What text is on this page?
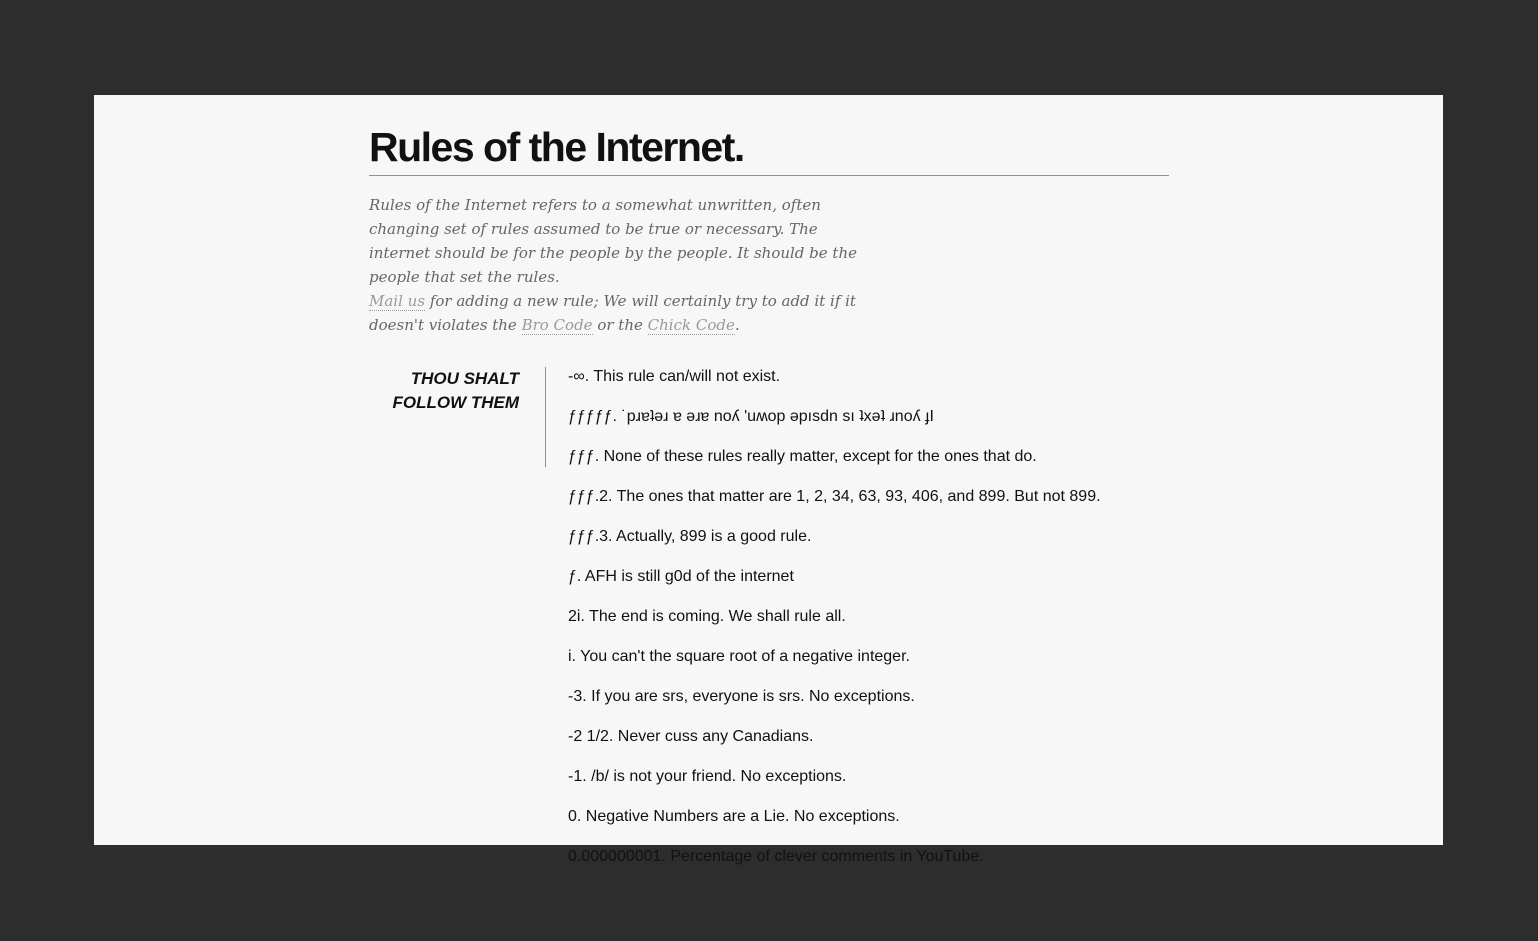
Rules of the Internet.

Rules of the Internet refers to a somewhat unwritten, often changing set of rules assumed to be true or necessary. The internet should be for the people by the people. It should be the people that set the rules.
Mail us for adding a new rule; We will certainly try to add it if it doesn't violates the Bro Code or the Chick Code.

THOU SHALT
FOLLOW THEM
-∞. This rule can/will not exist.
ƒƒƒƒƒ. ˙pɹɐʇǝɹ ɐ ǝɹɐ noʎ 'uʍop ǝpısdn sı ʇxǝʇ ɹnoʎ ɟI
ƒƒƒ. None of these rules really matter, except for the ones that do.
ƒƒƒ.2. The ones that matter are 1, 2, 34, 63, 93, 406, and 899. But not 899.
ƒƒƒ.3. Actually, 899 is a good rule.
ƒ. AFH is still g0d of the internet
2i. The end is coming. We shall rule all.
i. You can't the square root of a negative integer.
-3. If you are srs, everyone is srs. No exceptions.
-2 1/2. Never cuss any Canadians.
-1. /b/ is not your friend. No exceptions.
0. Negative Numbers are a Lie. No exceptions.
0.000000001. Percentage of clever comments in YouTube.
